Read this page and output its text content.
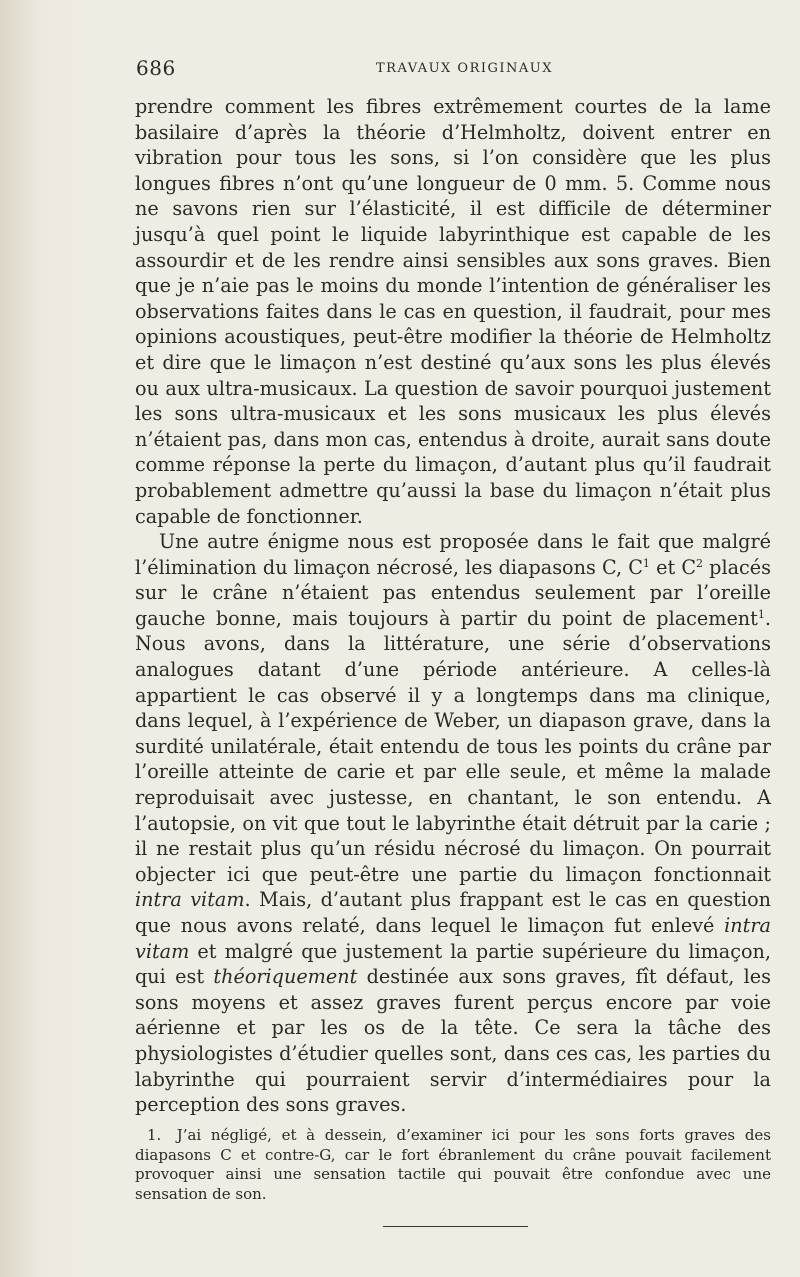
686	TRAVAUX ORIGINAUX

prendre comment les fibres extrêmement courtes de la lame basilaire d’après la théorie d’Helmholtz, doivent entrer en vibration pour tous les sons, si l’on considère que les plus longues fibres n’ont qu’une longueur de 0 mm. 5. Comme nous ne savons rien sur l’élasticité, il est difficile de déterminer jusqu’à quel point le liquide labyrinthique est capable de les assourdir et de les rendre ainsi sensibles aux sons graves. Bien que je n’aie pas le moins du monde l’intention de généraliser les observations faites dans le cas en question, il faudrait, pour mes opinions acoustiques, peut-être modifier la théorie de Helmholtz et dire que le limaçon n’est destiné qu’aux sons les plus élevés ou aux ultra-musicaux. La question de savoir pourquoi justement les sons ultra-musicaux et les sons musicaux les plus élevés n’étaient pas, dans mon cas, entendus à droite, aurait sans doute comme réponse la perte du limaçon, d’autant plus qu’il faudrait probablement admettre qu’aussi la base du limaçon n’était plus capable de fonctionner.

Une autre énigme nous est proposée dans le fait que malgré l’élimination du limaçon nécrosé, les diapasons C, $C^1$ et $C^2$ placés sur le crâne n’étaient pas entendus seulement par l’oreille gauche bonne, mais toujours à partir du point de placement$^1$. Nous avons, dans la littérature, une série d’observations analogues datant d’une période antérieure. A celles-là appartient le cas observé il y a longtemps dans ma clinique, dans lequel, à l’expérience de Weber, un diapason grave, dans la surdité unilatérale, était entendu de tous les points du crâne par l’oreille atteinte de carie et par elle seule, et même la malade reproduisait avec justesse, en chantant, le son entendu. A l’autopsie, on vit que tout le labyrinthe était détruit par la carie ; il ne restait plus qu’un résidu nécrosé du limaçon. On pourrait objecter ici que peut-être une partie du limaçon fonctionnait intra vitam. Mais, d’autant plus frappant est le cas en question que nous avons relaté, dans lequel le limaçon fut enlevé intra vitam et malgré que justement la partie supérieure du limaçon, qui est théoriquement destinée aux sons graves, fît défaut, les sons moyens et assez graves furent perçus encore par voie aérienne et par les os de la tête. Ce sera la tâche des physiologistes d’étudier quelles sont, dans ces cas, les parties du labyrinthe qui pourraient servir d’intermédiaires pour la perception des sons graves.

1. J’ai négligé, et à dessein, d’examiner ici pour les sons forts graves des diapasons C et contre-G, car le fort ébranlement du crâne pouvait facilement provoquer ainsi une sensation tactile qui pouvait être confondue avec une sensation de son.
